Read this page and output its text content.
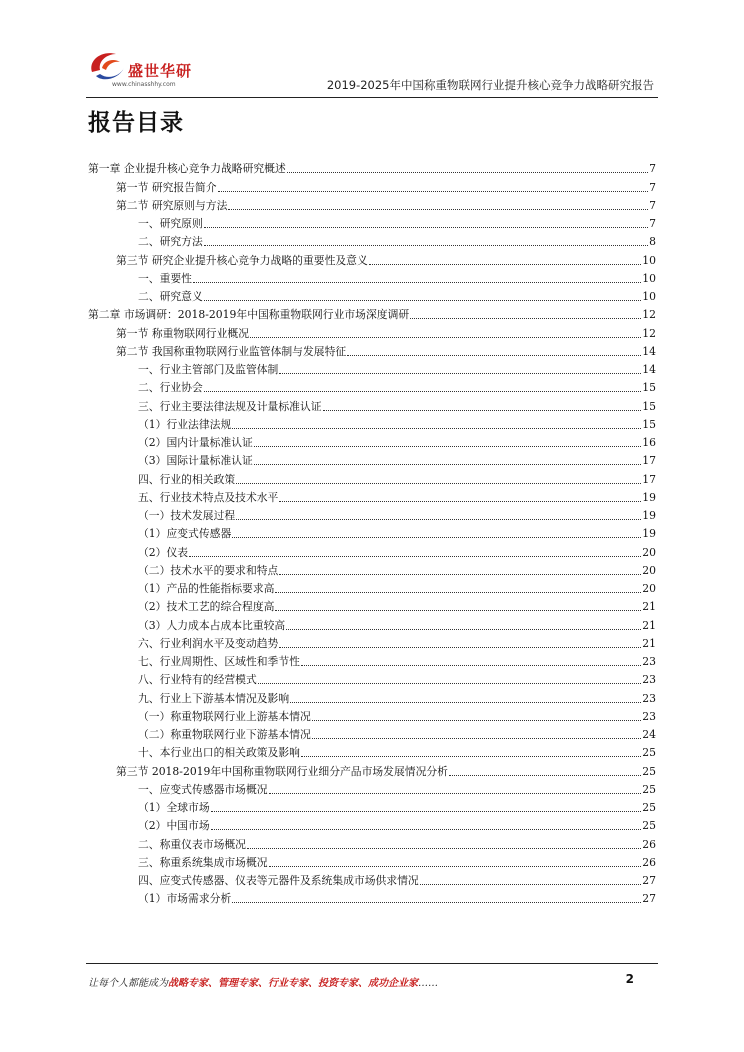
盛世华研
www.chinasshhy.com	2019-2025年中国称重物联网行业提升核心竞争力战略研究报告
报告目录
第一章 企业提升核心竞争力战略研究概述	7
第一节 研究报告简介	7
第二节 研究原则与方法	7
一、研究原则	7
二、研究方法	8
第三节 研究企业提升核心竞争力战略的重要性及意义	10
一、重要性	10
二、研究意义	10
第二章 市场调研：2018-2019年中国称重物联网行业市场深度调研	12
第一节 称重物联网行业概况	12
第二节 我国称重物联网行业监管体制与发展特征	14
一、行业主管部门及监管体制	14
二、行业协会	15
三、行业主要法律法规及计量标准认证	15
（1）行业法律法规	15
（2）国内计量标准认证	16
（3）国际计量标准认证	17
四、行业的相关政策	17
五、行业技术特点及技术水平	19
（一）技术发展过程	19
（1）应变式传感器	19
（2）仪表	20
（二）技术水平的要求和特点	20
（1）产品的性能指标要求高	20
（2）技术工艺的综合程度高	21
（3）人力成本占成本比重较高	21
六、行业利润水平及变动趋势	21
七、行业周期性、区域性和季节性	23
八、行业特有的经营模式	23
九、行业上下游基本情况及影响	23
（一）称重物联网行业上游基本情况	23
（二）称重物联网行业下游基本情况	24
十、本行业出口的相关政策及影响	25
第三节 2018-2019年中国称重物联网行业细分产品市场发展情况分析	25
一、应变式传感器市场概况	25
（1）全球市场	25
（2）中国市场	25
二、称重仪表市场概况	26
三、称重系统集成市场概况	26
四、应变式传感器、仪表等元器件及系统集成市场供求情况	27
（1）市场需求分析	27
让每个人都能成为战略专家、管理专家、行业专家、投资专家、成功企业家……	2
